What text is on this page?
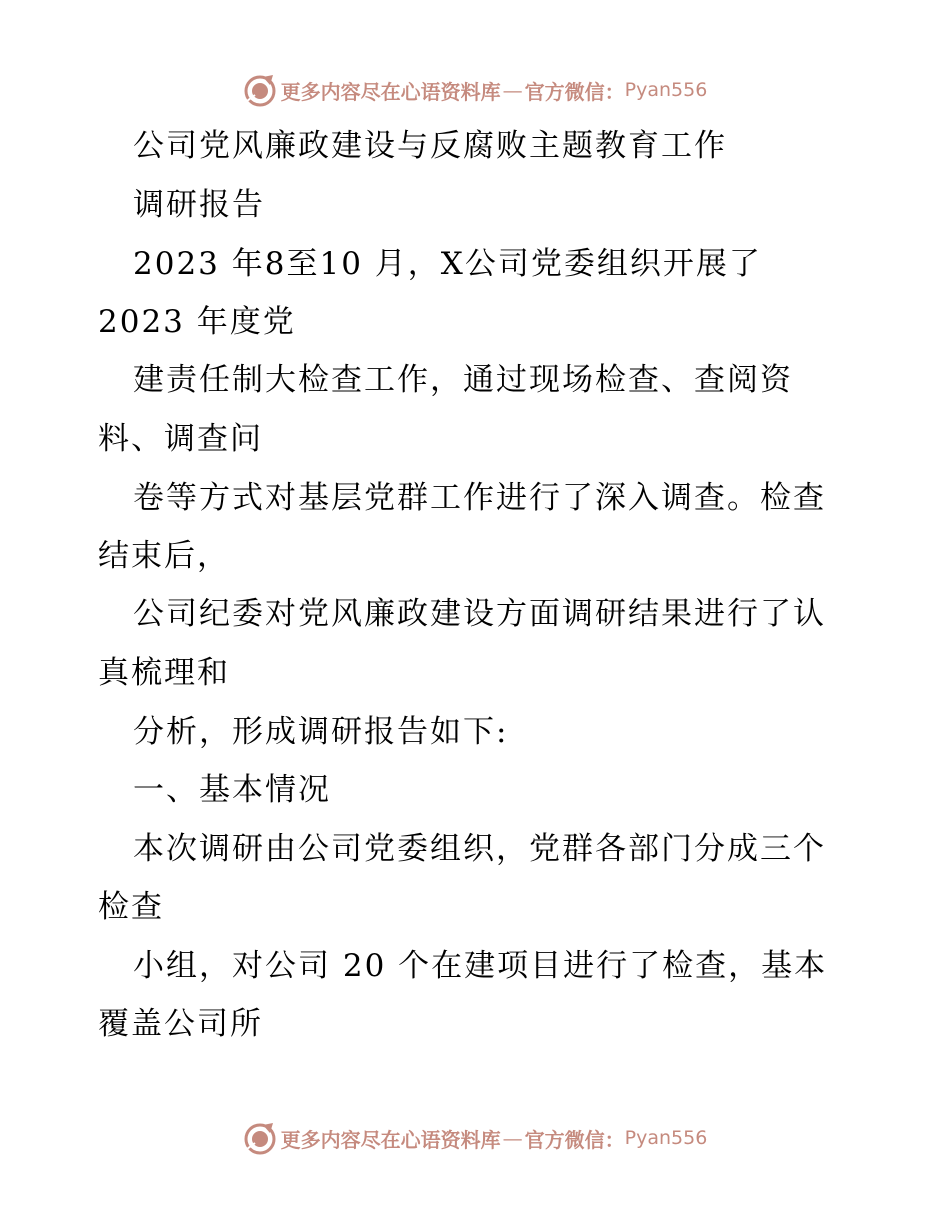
更多内容尽在心语资料库 — 官方微信： Pyan556
公司党风廉政建设与反腐败主题教育工作
调研报告
2023 年8至10 月，X公司党委组织开展了
2023 年度党
建责任制大检查工作，通过现场检查、查阅资
料、调查问
卷等方式对基层党群工作进行了深入调查。检查
结束后，
公司纪委对党风廉政建设方面调研结果进行了认
真梳理和
分析，形成调研报告如下:
一、基本情况
本次调研由公司党委组织，党群各部门分成三个
检查
小组，对公司 20 个在建项目进行了检查，基本
覆盖公司所
更多内容尽在心语资料库 — 官方微信： Pyan556
